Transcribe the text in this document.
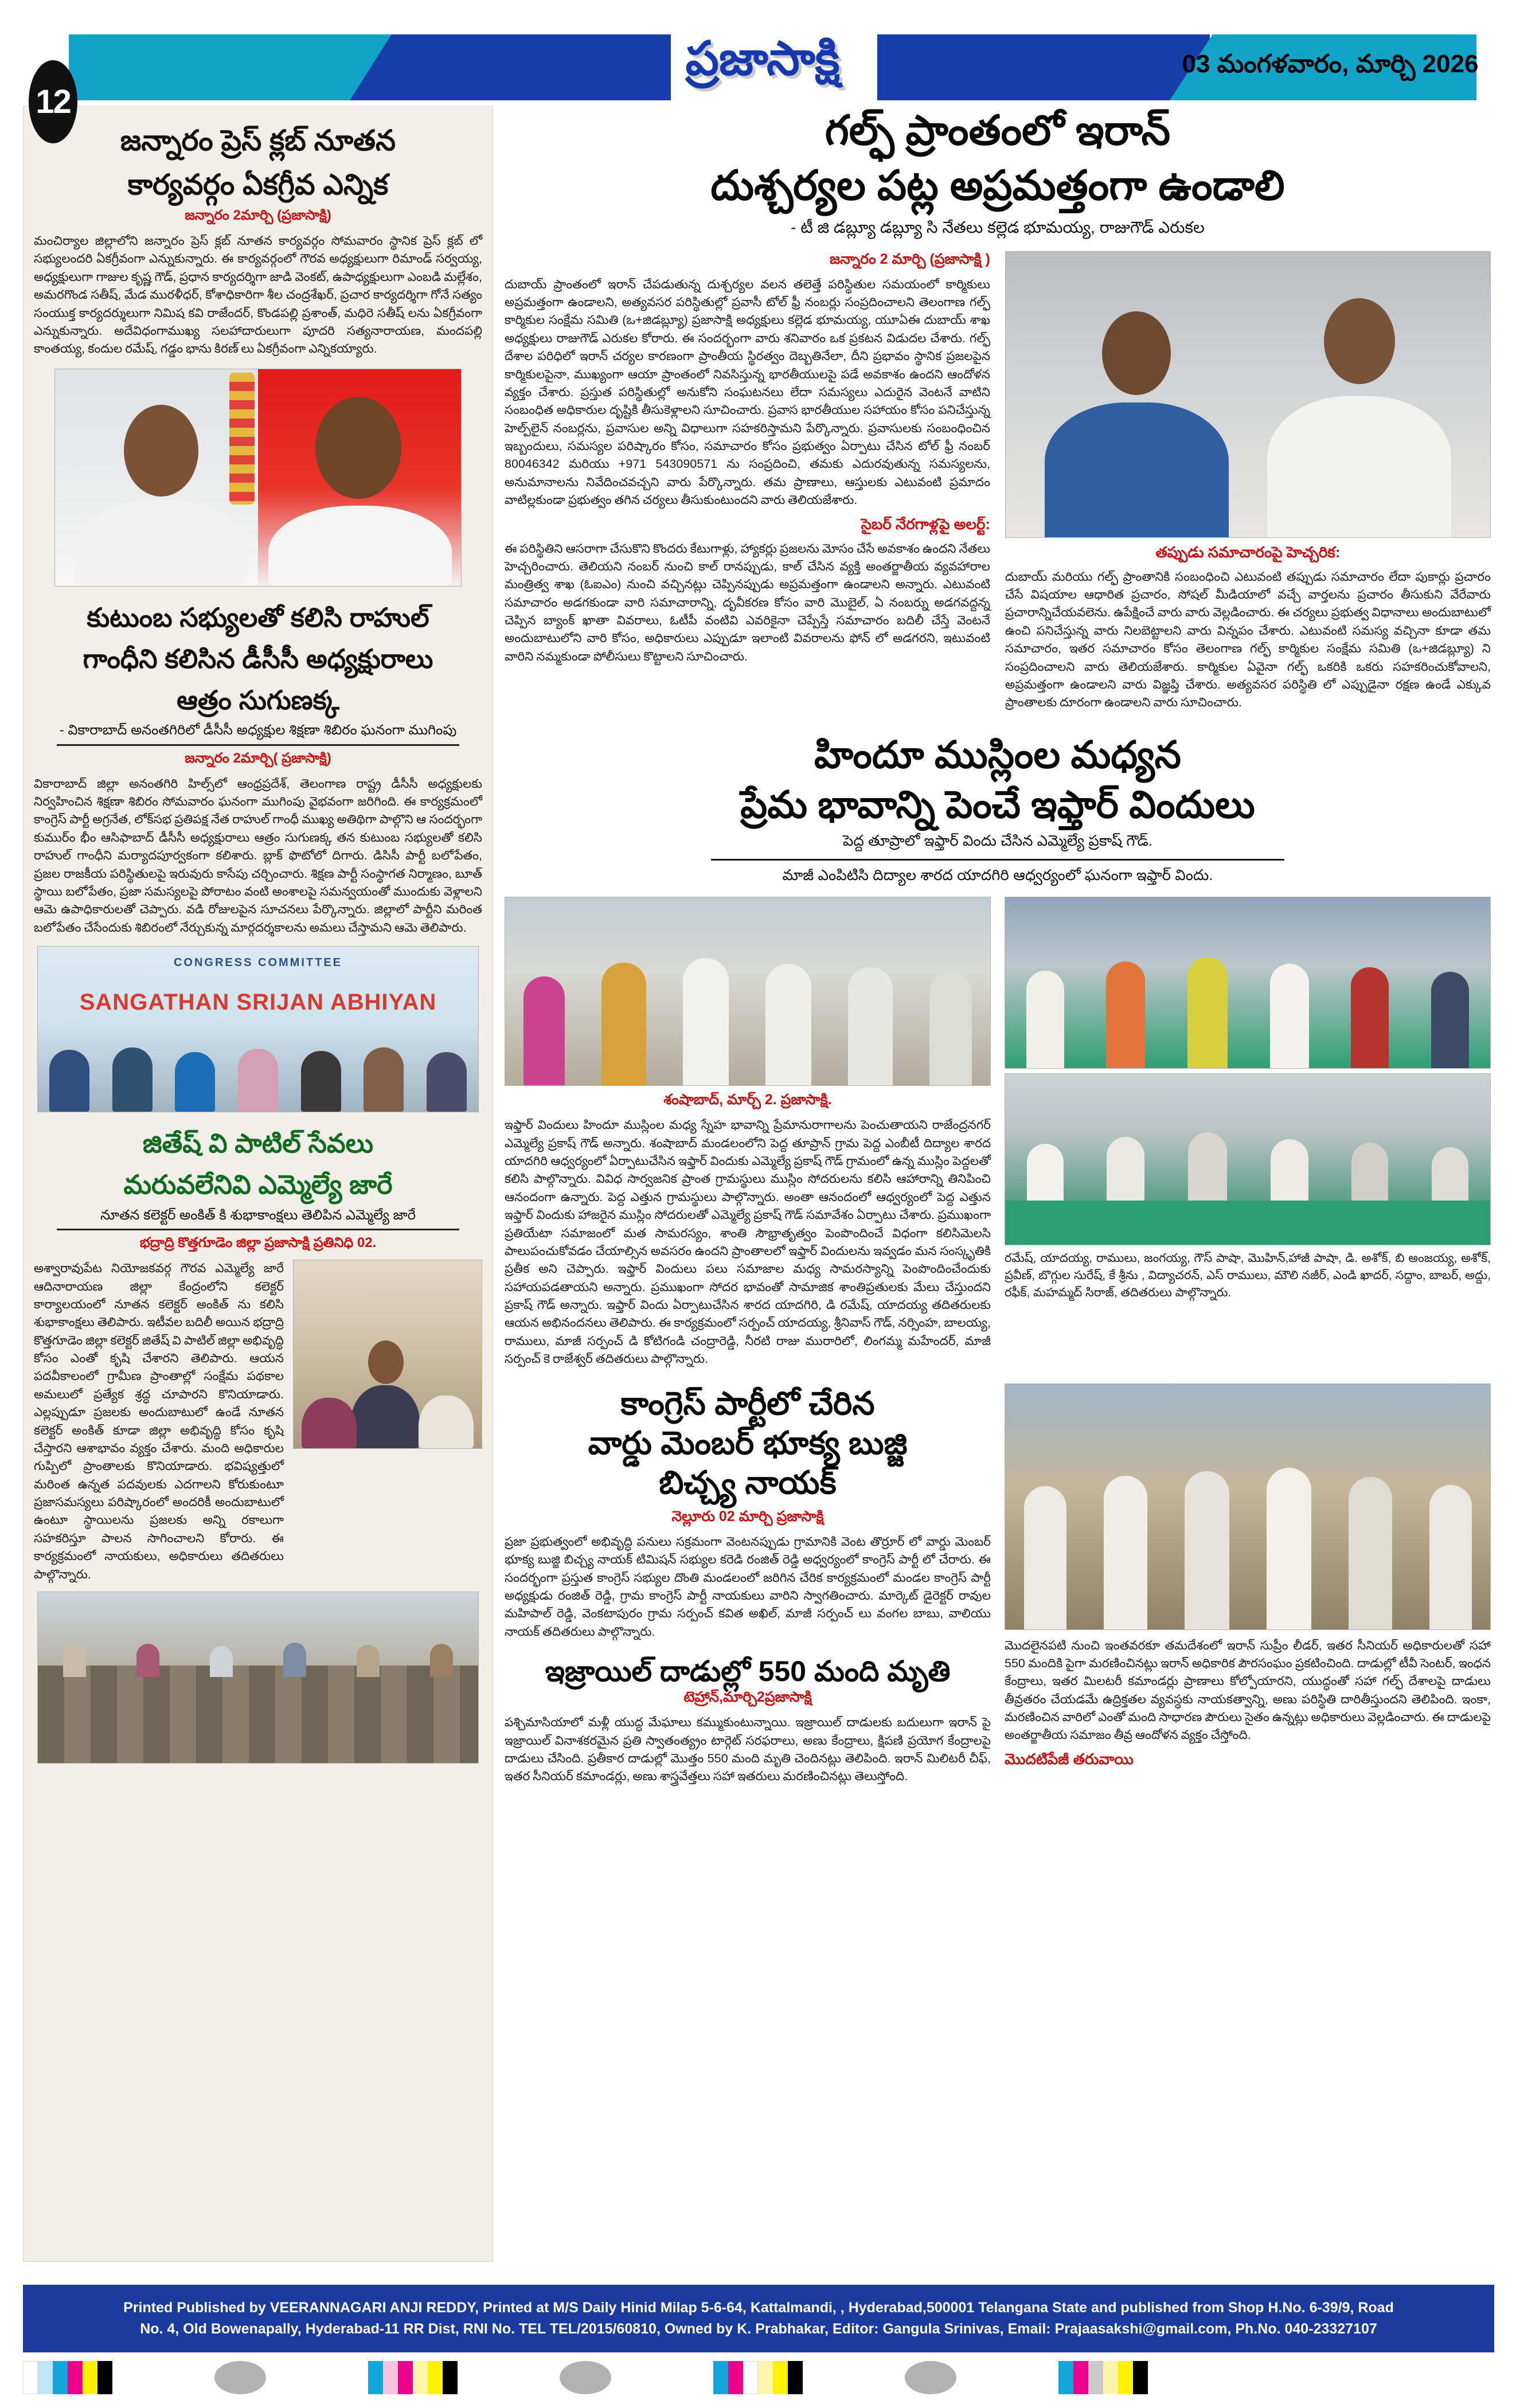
12
ప్రజాసాక్షి	03 మంగళవారం, మార్చి 2026
జన్నారం ప్రెస్ క్లబ్ నూతన
కార్యవర్గం ఏకగ్రీవ ఎన్నిక
జన్నారం 2మార్చి (ప్రజాసాక్షి)
మంచిర్యాల జిల్లాలోని జన్నారం ప్రెస్ క్లబ్ నూతన కార్యవర్గం సోమవారం స్థానిక ప్రెస్ క్లబ్ లో సభ్యులందరి ఏకగ్రీవంగా ఎన్నుకున్నారు. ఈ కార్యవర్గంలో గౌరవ అధ్యక్షులుగా రిమాండ్ సర్వయ్య, అధ్యక్షులుగా గాజుల కృష్ణ గౌడ్, ప్రధాన కార్యదర్శిగా జాడి వెంకట్, ఉపాధ్యక్షులుగా ఎంబడి మల్లేశం, అమరగొండ సతీష్, మేడ మురళీధర్, కోశాధికారిగా శీల చంద్రశేఖర్, ప్రచార కార్యదర్శిగా గోనే సత్యం సంయుక్త కార్యదర్శులుగా నిమిష కవి రాజేందర్, కొండపల్లి ప్రశాంత్, మధిరె సతీష్ లను ఏకగ్రీవంగా ఎన్నుకున్నారు. అదేవిధంగాముఖ్య సలహాదారులుగా పూదరి సత్యనారాయణ, మందపల్లి కాంతయ్య, కందుల రమేష్, గడ్డం భాను కిరణ్ లు ఏకగ్రీవంగా ఎన్నికయ్యారు.
కుటుంబ సభ్యులతో కలిసి రాహుల్
గాంధీని కలిసిన డీసీసీ అధ్యక్షురాలు
ఆత్రం సుగుణక్క
- వికారాబాద్ అనంతగిరిలో డీసీసీ అధ్యక్షుల శిక్షణా శిబిరం ఘనంగా ముగింపు
జన్నారం 2మార్చి( ప్రజాసాక్షి)
వికారాబాద్ జిల్లా అనంతగిరి హిల్స్‌లో ఆంధ్రప్రదేశ్, తెలంగాణ రాష్ట్ర డీసీసీ అధ్యక్షులకు నిర్వహించిన శిక్షణా శిబిరం సోమవారం ఘనంగా ముగింపు వైభవంగా జరిగింది. ఈ కార్యక్రమంలో కాంగ్రెస్ పార్టీ అగ్రనేత, లోక్‌సభ ప్రతిపక్ష నేత రాహుల్ గాంధీ ముఖ్య అతిథిగా పాల్గొని ఆ సందర్భంగా కుముర్ం భీం ఆసిఫాబాద్ డీసీసీ అధ్యక్షురాలు ఆత్రం సుగుణక్క తన కుటుంబ సభ్యులతో కలిసి రాహుల్ గాంధీని మర్యాదపూర్వకంగా కలిశారు. బ్లాక్ ఫొటోలో దిగారు. డిసిసీ పార్టీ బలోపేతం, ప్రజల రాజకీయ పరిస్థితులపై ఇరువురు కాసేపు చర్చించారు. శిక్షణ పార్టీ సంస్థాగత నిర్మాణం, బూత్ స్థాయి బలోపేతం, ప్రజా సమస్యలపై పోరాటం వంటి అంశాలపై సమన్వయంతో ముందుకు వెళ్లాలని ఆమె ఉపాధికారులతో చెప్పారు. వడి రోజులపైన సూచనలు పేర్కొన్నారు. జిల్లాలో పార్టీని మరింత బలోపేతం చేసేందుకు శిబిరంలో నేర్చుకున్న మార్గదర్శకాలను అమలు చేస్తామని ఆమె తెలిపారు.
CONGRESS COMMITTEE
SANGATHAN SRIJAN ABHIYAN
జితేష్ వి పాటిల్ సేవలు
మరువలేనివి ఎమ్మెల్యే జారే
నూతన కలెక్టర్ అంకిత్ కి శుభాకాంక్షలు తెలిపిన ఎమ్మెల్యే జారే
భద్రాద్రి కొత్తగూడెం జిల్లా ప్రజాసాక్షి ప్రతినిధి 02.
అశ్వారావుపేట నియోజకవర్గ గౌరవ ఎమ్మెల్యే జారే ఆదినారాయణ జిల్లా కేంద్రంలోని కలెక్టర్ కార్యాలయంలో నూతన కలెక్టర్ అంకిత్ ను కలిసి శుభాకాంక్షలు తెలిపారు. ఇటీవల బదిలీ అయిన భద్రాద్రి కొత్తగూడెం జిల్లా కలెక్టర్ జితేష్ వి పాటిల్ జిల్లా అభివృద్ధి కోసం ఎంతో కృషి చేశారని తెలిపారు. ఆయన పదవీకాలంలో గ్రామీణ ప్రాంతాల్లో సంక్షేమ పథకాల అమలులో ప్రత్యేక శ్రద్ధ చూపారని కొనియాడారు. ఎల్లప్పుడూ ప్రజలకు అందుబాటులో ఉండే నూతన కలెక్టర్ అంకిత్ కూడా జిల్లా అభివృద్ధి కోసం కృషి చేస్తారని ఆశాభావం వ్యక్తం చేశారు. మంది అధికారుల గుప్పిలో ప్రాంతాలకు కొనియాడారు. భవిష్యత్తులో మరింత ఉన్నత పదవులకు ఎదగాలని కోరుకుంటూ ప్రజాసమస్యలు పరిష్కారంలో అందరికీ అందుబాటులో ఉంటూ స్థాయిలను ప్రజలకు అన్ని రకాలుగా సహకరిస్తూ పాలన సాగించాలని కోరారు. ఈ కార్యక్రమంలో నాయకులు, అధికారులు తదితరులు పాల్గొన్నారు.
గల్ఫ్ ప్రాంతంలో ఇరాన్
దుశ్చర్యల పట్ల అప్రమత్తంగా ఉండాలి
- టీ జి డబ్ల్యూ డబ్ల్యూ సి నేతలు కల్లెడ భూమయ్య, రాజుగౌడ్ ఎరుకల
జన్నారం 2 మార్చి (ప్రజాసాక్షి )
దుబాయ్ ప్రాంతంలో ఇరాన్ చేపడుతున్న దుశ్చర్యల వలన తలెత్తే పరిస్థితుల సమయంలో కార్మికులు అప్రమత్తంగా ఉండాలని, అత్యవసర పరిస్థితుల్లో ప్రవాసీ టోల్ ఫ్రీ నంబర్లు సంప్రదించాలని తెలంగాణ గల్ఫ్ కార్మికుల సంక్షేమ సమితి (ఒ+జిడబ్ల్యూ) ప్రజాసాక్షి అధ్యక్షులు కల్లెడ భూమయ్య, యూఏఈ దుబాయ్ శాఖ అధ్యక్షులు రాజుగౌడ్ ఎరుకల కోరారు. ఈ సందర్భంగా వారు శనివారం ఒక ప్రకటన విడుదల చేశారు. గల్ఫ్ దేశాల పరిధిలో ఇరాన్ చర్యల కారణంగా ప్రాంతీయ స్థిరత్వం దెబ్బతినేలా, దీని ప్రభావం స్థానిక ప్రజలపైన కార్మికులపైనా, ముఖ్యంగా ఆయా ప్రాంతంలో నివసిస్తున్న భారతీయులపై పడే అవకాశం ఉందని ఆందోళన వ్యక్తం చేశారు. ప్రస్తుత పరిస్థితుల్లో అనుకోని సంఘటనలు లేదా సమస్యలు ఎదురైన వెంటనే వాటిని సంబంధిత అధికారుల దృష్టికి తీసుకెళ్లాలని సూచించారు. ప్రవాస భారతీయుల సహాయం కోసం పనిచేస్తున్న హెల్ప్‌లైన్ నంబర్లను, ప్రవాసుల అన్ని విధాలుగా సహకరిస్తామని పేర్కొన్నారు. ప్రవాసులకు సంబంధించిన ఇబ్బందులు, సమస్యల పరిష్కారం కోసం, సమాచారం కోసం ప్రభుత్వం ఏర్పాటు చేసిన టోల్ ఫ్రీ నంబర్ 80046342 మరియు +971 543090571 ను సంప్రదించి, తమకు ఎదురవుతున్న సమస్యలను, అనుమానాలను నివేదించవచ్చని వారు పేర్కొన్నారు. తమ ప్రాణాలు, ఆస్తులకు ఎటువంటి ప్రమాదం వాటిల్లకుండా ప్రభుత్వం తగిన చర్యలు తీసుకుంటుందని వారు తెలియజేశారు.
సైబర్ నేరగాళ్లపై అలర్ట్:
ఈ పరిస్థితిని ఆసరాగా చేసుకొని కొందరు కేటుగాళ్లు, హ్యాకర్లు ప్రజలను మోసం చేసే అవకాశం ఉందని నేతలు హెచ్చరించారు. తెలియని నంబర్ నుంచి కాల్ రానప్పుడు, కాల్ చేసిన వ్యక్తి అంతర్జాతీయ వ్యవహారాల మంత్రిత్వ శాఖ (ఓఐఎం) నుంచి వచ్చినట్లు చెప్పినప్పుడు అప్రమత్తంగా ఉండాలని అన్నారు. ఎటువంటి సమాచారం అడగకుండా వారి సమాచారాన్ని, దృవీకరణ కోసం వారి మొబైల్, ఏ నంబర్ను అడగవద్దన్న చెప్పిన బ్యాంక్ ఖాతా వివరాలు, ఓటీపీ వంటివి ఎవరికైనా చెప్పేస్తే సమాచారం బదిలీ చేస్తే వెంటనే అందుబాటులోని వారి కోసం, అధికారులు ఎప్పుడూ ఇలాంటి వివరాలను ఫోన్ లో అడగరని, ఇటువంటి వారిని నమ్మకుండా పోలీసులు కొట్టాలని సూచించారు.
తప్పుడు సమాచారంపై హెచ్చరిక:
దుబాయ్ మరియు గల్ఫ్ ప్రాంతానికి సంబంధించి ఎటువంటి తప్పుడు సమాచారం లేదా పుకార్లు ప్రచారం చేసే విషయాల ఆధారిత ప్రచారం, సోషల్ మీడియాలో వచ్చే వార్తలను ప్రచారం తీసుకుని వేరేవారు ప్రచారాన్నిచేయవలెను. ఉపేక్షించే వారు వారు వెల్లడించారు. ఈ చర్యలు ప్రభుత్వ విధానాలు అందుబాటులో ఉంచి పనిచేస్తున్న వారు నిలబెట్టాలని వారు విన్నపం చేశారు. ఎటువంటి సమస్య వచ్చినా కూడా తమ సమాచారం, ఇతర సమాచారం కోసం తెలంగాణ గల్ఫ్ కార్మికుల సంక్షేమ సమితి (ఒ+జిడబ్ల్యూ) ని సంప్రదించాలని వారు తెలియజేశారు. కార్మికుల ఏవైనా గల్ఫ్ ఒకరికి ఒకరు సహకరించుకోవాలని, అప్రమత్తంగా ఉండాలని వారు విజ్ఞప్తి చేశారు. అత్యవసర పరిస్థితి లో ఎప్పుడైనా రక్షణ ఉండే ఎక్కువ ప్రాంతాలకు దూరంగా ఉండాలని వారు సూచించారు.
హిందూ ముస్లింల మధ్యన
ప్రేమ భావాన్ని పెంచే ఇఫ్తార్ విందులు
పెద్ద తూప్రాలో ఇఫ్తార్ విందు చేసిన ఎమ్మెల్యే ప్రకాష్ గౌడ్.
మాజీ ఎంపిటిసి దిద్యాల శారద యాదగిరి ఆధ్వర్యంలో ఘనంగా ఇఫ్తార్ విందు.
శంషాబాద్, మార్చ్ 2. ప్రజాసాక్షి.
ఇఫ్తార్ విందులు హిందూ ముస్లింల మధ్య స్నేహ భావాన్ని ప్రేమానురాగాలను పెంచుతాయని రాజేంద్రనగర్ ఎమ్మెల్యే ప్రకాష్ గౌడ్ అన్నారు. శంషాబాద్ మండలంలోని పెద్ద తూప్రాన్ గ్రామ పెద్ద ఎంబీటీ దిద్యాల శారద యాదగిరి ఆధ్వర్యంలో ఏర్పాటుచేసిన ఇఫ్తార్ విందుకు ఎమ్మెల్యే ప్రకాష్ గౌడ్ గ్రామంలో ఉన్న ముస్లిం పెద్దలతో కలిసి పాల్గొన్నారు. వివిధ సార్వజనిక ప్రాంత గ్రామస్థులు ముస్లిం సోదరులను కలిసి ఆహారాన్ని తినిపించి ఆనందంగా ఉన్నారు. పెద్ద ఎత్తున గ్రామస్థులు పాల్గొన్నారు. అంతా ఆనందంలో ఆధ్వర్యంలో పెద్ద ఎత్తున ఇఫ్తార్ విందుకు హాజరైన ముస్లిం సోదరులతో ఎమ్మెల్యే ప్రకాష్ గౌడ్ సమావేశం ఏర్పాటు చేశారు. ప్రముఖంగా ప్రతియేటా సమాజంలో మత సామరస్యం, శాంతి సౌభ్రాతృత్వం పెంపొందించే విధంగా కలిసిమెలసి పాలుపంచుకోవడం చేయాల్సిన అవసరం ఉందని ప్రాంతాలలో ఇఫ్తార్ విందులను ఇవ్వడం మన సంస్కృతికి ప్రతీక అని చెప్పారు. ఇఫ్తార్ విందులు పలు సమాజాల మధ్య సామరస్యాన్ని పెంపొందించేందుకు సహాయపడతాయని అన్నారు. ప్రముఖంగా సోదర భావంతో సామాజిక శాంతిప్రతులకు మేలు చేస్తుందని ప్రకాష్ గౌడ్ అన్నారు. ఇఫ్తార్ విందు ఏర్పాటుచేసిన శారద యాదగిరి, డి రమేష్, యాదయ్య తదితరులకు ఆయన అభినందనలు తెలిపారు. ఈ కార్యక్రమంలో సర్పంచ్ యాదయ్య, శ్రీనివాస్ గౌడ్, నర్సింహ, బాలయ్య, రాములు, మాజీ సర్పంచ్ డి కోటిగండి చంద్రారెడ్డి, నీరటి రాజు మురారిలో, లింగమ్మ మహేందర్, మాజీ సర్పంచ్ కె రాజేశ్వర్ తదితరులు పాల్గొన్నారు.
రమేష్, యాదయ్య, రాములు, జంగయ్య, గౌస్ పాషా, మొహిన్,హాజీ పాషా, డి. అశోక్, బి అంజయ్య, అశోక్, ప్రవీణ్, బొగ్గుల సురేష్, కే శ్రీను , విద్యాచరన్, ఎస్ రాములు, మౌలి నజీర్, ఎండి ఖాదర్, సద్దాం, బాబర్, అద్దు, రఫీక్, మహమ్మద్ సిరాజ్, తదితరులు పాల్గొన్నారు.
కాంగ్రెస్ పార్టీలో చేరిన
వార్డు మెంబర్ భూక్య బుజ్జి
బిచ్చ్య నాయక్
నెల్లూరు 02 మార్చి ప్రజాసాక్షి
ప్రజా ప్రభుత్వంలో అభివృద్ధి పనులు సక్రమంగా వెంటనప్పుడు గ్రామానికి వెంట తొర్రూర్ లో వార్డు మెంబర్ భూక్య బుజ్జి బిచ్చ్య నాయక్ టిమిషన్ సభ్యుల కరెడి రంజిత్ రెడ్డి అధ్వర్యంలో కాంగ్రెస్ పార్టీ లో చేరారు. ఈ సందర్భంగా ప్రస్తుత కాంగ్రెస్ సభ్యుల దొంతి మండలంలో జరిగిన చేరిక కార్యక్రమంలో మండల కాంగ్రెస్ పార్టీ అధ్యక్షుడు రంజిత్ రెడ్డి, గ్రామ కాంగ్రెస్ పార్టీ నాయకులు వారిని స్వాగతించారు. మార్కెట్ డైరెక్టర్ రావుల మహిపాల్ రెడ్డి, వెంకటాపురం గ్రామ సర్పంచ్ కవిత అఖిల్, మాజీ సర్పంచ్ లు వంగల బాబు, వాలియు నాయక్ తదితరులు పాల్గొన్నారు.
ఇజ్రాయిల్ దాడుల్లో 550 మంది మృతి
టెహ్రాన్,మార్చి2ప్రజాసాక్షి
పశ్చిమాసియాలో మళ్లీ యుద్ధ మేఘాలు కమ్ముకుంటున్నాయి. ఇజ్రాయిల్ దాడులకు బదులుగా ఇరాన్ పై ఇజ్రాయిల్ వినాశకరమైన ప్రతి స్వాతంత్య్రం టార్గెట్ సరఫరాలు, అణు కేంద్రాలు, క్షిపణి ప్రయోగ కేంద్రాలపై దాడులు చేసింది. ప్రతీకార దాడుల్లో మొత్తం 550 మంది మృతి చెందినట్లు తెలిపింది. ఇరాన్ మిలిటరీ చీఫ్, ఇతర సీనియర్ కమాండర్లు, అణు శాస్త్రవేత్తలు సహా ఇతరులు మరణించినట్లు తెలుస్తోంది.
మొదలైనపటి నుంచి ఇంతవరకూ తమదేశంలో ఇరాన్ సుప్రీం లీడర్, ఇతర సీనియర్ అధికారులతో సహా 550 మందికి పైగా మరణించినట్లు ఇరాన్ అధికారిక పౌరసంఘం ప్రకటించింది. దాడుల్లో టీవీ సెంటర్, ఇంధన కేంద్రాలు, ఇతర మిలటరీ కమాండర్లు ప్రాణాలు కోల్పోయారని, యుద్ధంతో సహా గల్ఫ్ దేశాలపై దాడులు తీవ్రతరం చేయడమే ఉద్రిక్తతల వ్యవస్థకు నాయకత్వాన్ని, అణు పరిస్థితి దారితీస్తుందని తెలిపింది. ఇంకా, మరణించిన వారిలో ఎంతో మంది సాధారణ పౌరులు సైతం ఉన్నట్లు అధికారులు వెల్లడించారు. ఈ దాడులపై అంతర్జాతీయ సమాజం తీవ్ర ఆందోళన వ్యక్తం చేస్తోంది.
మొదటిపేజీ తరువాయి
Printed Published by VEERANNAGARI ANJI REDDY, Printed at M/S Daily Hinid Milap 5-6-64, Kattalmandi, , Hyderabad,500001 Telangana State and published from Shop H.No. 6-39/9, Road
No. 4, Old Bowenapally, Hyderabad-11 RR Dist, RNI No. TEL TEL/2015/60810, Owned by K. Prabhakar, Editor: Gangula Srinivas, Email: Prajaasakshi@gmail.com, Ph.No. 040-23327107
